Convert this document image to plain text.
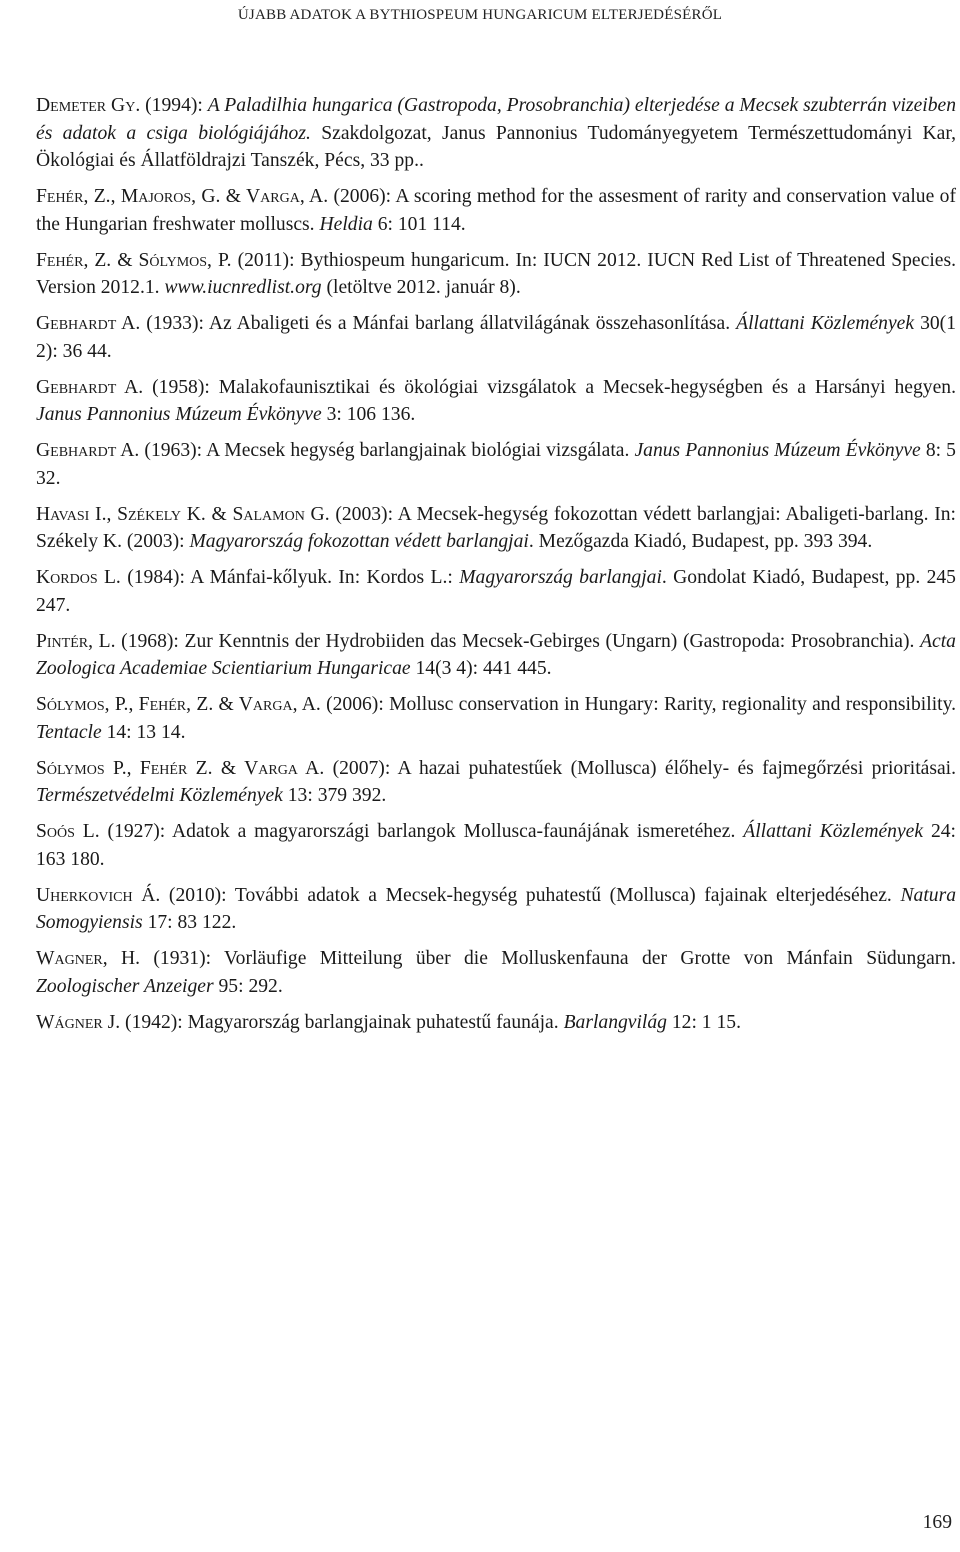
ÚJABB ADATOK A BYTHIOSPEUM HUNGARICUM ELTERJEDÉSÉRŐL

Demeter Gy. (1994): A Paladilhia hungarica (Gastropoda, Prosobranchia) elterjedése a Mecsek szubterrán vizeiben és adatok a csiga biológiájához. Szakdolgozat, Janus Pannonius Tudományegyetem Természettudományi Kar, Ökológiai és Állatföldrajzi Tanszék, Pécs, 33 pp..

Fehér, Z., Majoros, G. & Varga, A. (2006): A scoring method for the assesment of rarity and conservation value of the Hungarian freshwater molluscs. Heldia 6: 101 114.

Fehér, Z. & Sólymos, P. (2011): Bythiospeum hungaricum. In: IUCN 2012. IUCN Red List of Threatened Species. Version 2012.1. www.iucnredlist.org (letöltve 2012. január 8).

Gebhardt A. (1933): Az Abaligeti és a Mánfai barlang állatvilágának összehasonlítása. Állattani Közlemények 30(1 2): 36 44.

Gebhardt A. (1958): Malakofaunisztikai és ökológiai vizsgálatok a Mecsek-hegységben és a Harsányi hegyen. Janus Pannonius Múzeum Évkönyve 3: 106 136.

Gebhardt A. (1963): A Mecsek hegység barlangjainak biológiai vizsgálata. Janus Pannonius Múzeum Évkönyve 8: 5 32.

Havasi I., Székely K. & Salamon G. (2003): A Mecsek-hegység fokozottan védett barlangjai: Abaligeti-barlang. In: Székely K. (2003): Magyarország fokozottan védett barlangjai. Mezőgazda Kiadó, Budapest, pp. 393 394.

Kordos L. (1984): A Mánfai-kőlyuk. In: Kordos L.: Magyarország barlangjai. Gondolat Kiadó, Budapest, pp. 245 247.

Pintér, L. (1968): Zur Kenntnis der Hydrobiiden das Mecsek-Gebirges (Ungarn) (Gastropoda: Prosobranchia). Acta Zoologica Academiae Scientiarium Hungaricae 14(3 4): 441 445.

Sólymos, P., Fehér, Z. & Varga, A. (2006): Mollusc conservation in Hungary: Rarity, regionality and responsibility. Tentacle 14: 13 14.

Sólymos P., Fehér Z. & Varga A. (2007): A hazai puhatestűek (Mollusca) élőhely- és fajmegőrzési prioritásai. Természetvédelmi Közlemények 13: 379 392.

Soós L. (1927): Adatok a magyarországi barlangok Mollusca-faunájának ismeretéhez. Állattani Közlemények 24: 163 180.

Uherkovich Á. (2010): További adatok a Mecsek-hegység puhatestű (Mollusca) fajainak elterjedéséhez. Natura Somogyiensis 17: 83 122.

Wagner, H. (1931): Vorläufige Mitteilung über die Molluskenfauna der Grotte von Mánfain Südungarn. Zoologischer Anzeiger 95: 292.

Wágner J. (1942): Magyarország barlangjainak puhatestű faunája. Barlangvilág 12: 1 15.

169
